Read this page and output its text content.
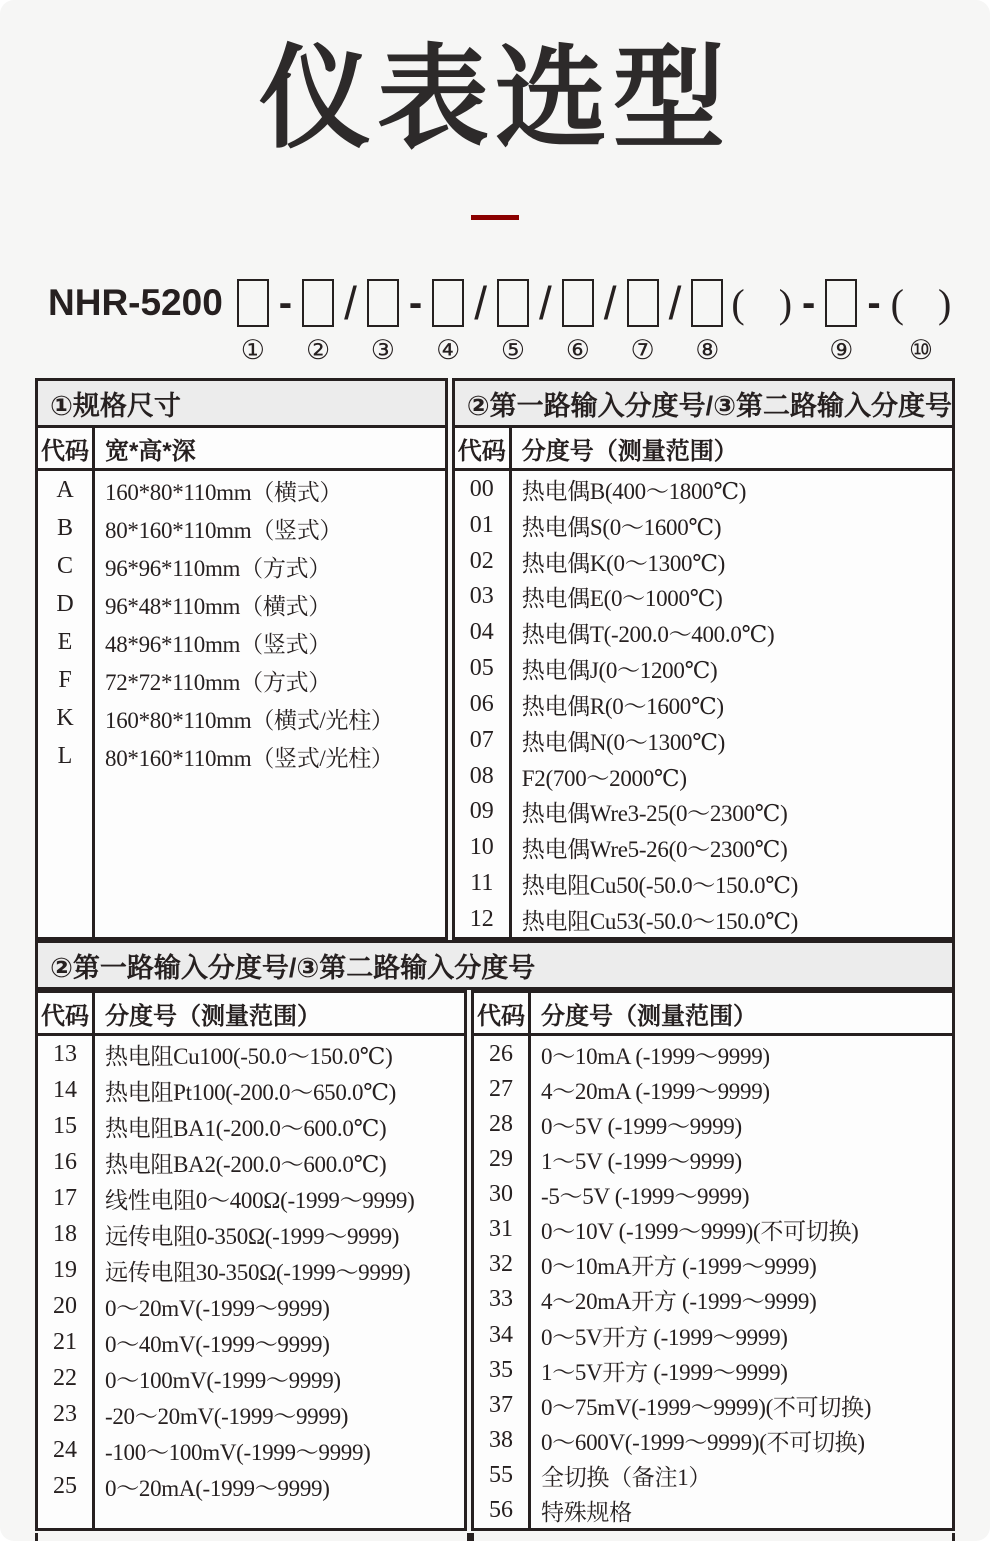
仪表选型
NHR-5200
①
-
②
/
③
-
④
/
⑤
/
⑥
/
⑦
/
⑧
( ) -
⑨
- ( )
⑩
①规格尺寸
代码 宽*高*深
A
B
C
D
E
F
K
L
160*80*110mm（横式）
80*160*110mm（竖式）
96*96*110mm（方式）
96*48*110mm（横式）
48*96*110mm（竖式）
72*72*110mm（方式）
160*80*110mm（横式/光柱）
80*160*110mm（竖式/光柱）
②第一路输入分度号/③第二路输入分度号
代码 分度号（测量范围）
00
01
02
03
04
05
06
07
08
09
10
11
12
热电偶B(400～1800℃)
热电偶S(0～1600℃)
热电偶K(0～1300℃)
热电偶E(0～1000℃)
热电偶T(-200.0～400.0℃)
热电偶J(0～1200℃)
热电偶R(0～1600℃)
热电偶N(0～1300℃)
F2(700～2000℃)
热电偶Wre3-25(0～2300℃)
热电偶Wre5-26(0～2300℃)
热电阻Cu50(-50.0～150.0℃)
热电阻Cu53(-50.0～150.0℃)
②第一路输入分度号/③第二路输入分度号
代码 分度号（测量范围）
13
14
15
16
17
18
19
20
21
22
23
24
25
热电阻Cu100(-50.0～150.0℃)
热电阻Pt100(-200.0～650.0℃)
热电阻BA1(-200.0～600.0℃)
热电阻BA2(-200.0～600.0℃)
线性电阻0～400Ω(-1999～9999)
远传电阻0-350Ω(-1999～9999)
远传电阻30-350Ω(-1999～9999)
0～20mV(-1999～9999)
0～40mV(-1999～9999)
0～100mV(-1999～9999)
-20～20mV(-1999～9999)
-100～100mV(-1999～9999)
0～20mA(-1999～9999)
代码 分度号（测量范围）
26
27
28
29
30
31
32
33
34
35
37
38
55
56
0～10mA (-1999～9999)
4～20mA (-1999～9999)
0～5V (-1999～9999)
1～5V (-1999～9999)
-5～5V (-1999～9999)
0～10V (-1999～9999)(不可切换)
0～10mA开方 (-1999～9999)
4～20mA开方 (-1999～9999)
0～5V开方 (-1999～9999)
1～5V开方 (-1999～9999)
0～75mV(-1999～9999)(不可切换)
0～600V(-1999～9999)(不可切换)
全切换（备注1）
特殊规格
